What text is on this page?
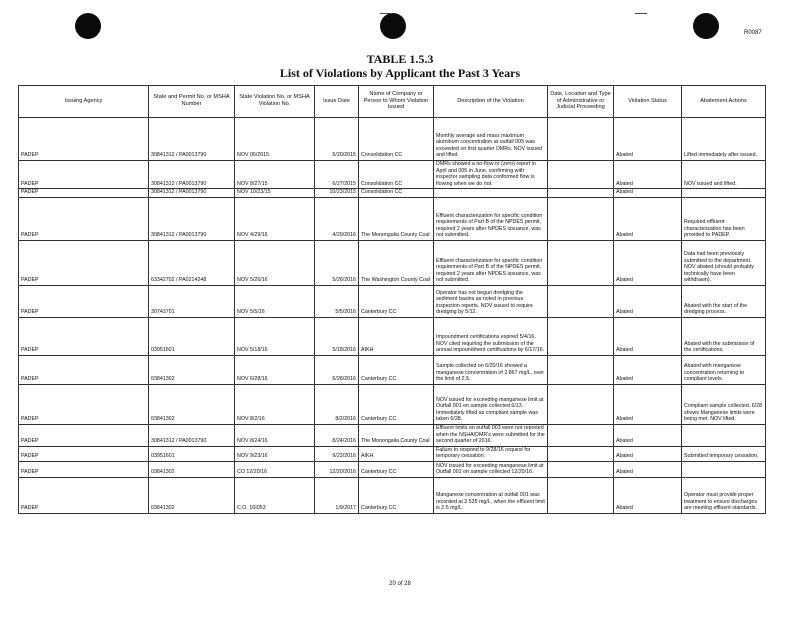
R0087
TABLE 1.5.3
List of Violations by Applicant the Past 3 Years
Issuing Agency	State and Permit No. or MSHA Number	State Violation No. or MSHA Violation No.	Issue Date	Name of Company or Person to Whom Violation Issued	Description of the Violation	Date, Location and Type of Administrative or Judicial Proceeding	Violation Status	Abatement Actions
PADEP	30841312 / PA0013790	NOV 06/2015	5/20/2015	Consolidation CC	Monthly average and mass maximum aluminum concentration at outfall 005 was exceeded on first quarter DMRs. NOV issued and lifted.		Abated	Lifted immediately after issued.
PADEP	30841312 / PA0013790	NOV 8/27/15	6/27/2015	Consolidation CC	DMRs showed a no-flow or (zero) report in April and 005 in June, confirming with inspector sampling data conformed flow is flowing when we do not.		Abated	NOV issued and lifted.
PADEP	30841312 / PA0013790	NOV 10/23/15	10/23/2015	Consolidation CC			Abated	
PADEP	30841312 / PA0013790	NOV 4/29/16	4/29/2016	The Monongalia County Coal	Effluent characterization for specific condition requirements of Part B of the NPDES permit, required 2 years after NPDES issuance, was not submitted.		Abated	Required effluent characterization has been provided to PADEP.
PADEP	63342702 / PA0214248	NOV 5/26/16	5/26/2016	The Washington County Coal	Effluent characterization for specific condition requirements of Part B of the NPDES permit, required 2 years after NPDES issuance, was not submitted.		Abated	Data had been previously submitted to the department. NOV abated (should probably technically have been withdrawn).
PADEP	30743701	NOV 5/5/16	5/5/2016	Canterbury CC	Operator has not begun dredging the sediment basins as noted in previous inspection reports. NOV issued to require dredging by 5/12.		Abated	Abated with the start of the dredging process.
PADEP	03951601	NOV 5/18/16	5/18/2016	AIKH	Impoundment certifications expired 5/4/16. NOV cited requiring the submission of the annual impoundment certifications by 6/17/16.		Abated	Abated with the submission of the certifications.
PADEP	03841302	NOV 6/28/16	6/28/2016	Canterbury CC	Sample collected on 6/20/16 showed a manganese concentration of 2.867 mg/L, over the limit of 2.5.		Abated	Abated with manganese concentration returning to compliant levels.
PADEP	03841302	NOV 8/2/16	8/2/2016	Canterbury CC	NOV issued for exceeding manganese limit at Outfall 001 on sample collected 6/13. Immediately lifted as compliant sample was taken 6/28.		Abated	Compliant sample collected. 6/28 shows Manganese limits were being met. NOV lifted.
PADEP	30841312 / PA0013790	NOV 8/24/16	8/24/2016	The Monongalia County Coal	Effluent limits on outfall 003 were not reported when the NSHA/DMR's were submitted for the second quarter of 2016.		Abated	
PADEP	03951601	NOV 9/23/16	9/23/2016	AIKH	Failure to respond to 9/28/16 request for temporary cessation.		Abated	Submitted temporary cessation.
PADEP	03841302	CO 12/20/16	12/20/2016	Canterbury CC	NOV issued for exceeding manganese limit at Outfall 001 on sample collected 12/20/16.		Abated	
PADEP	03841302	C.O. 16I053	1/9/2017	Canterbury CC	Manganese concentration at outfall 001 was recorded at 2.535 mg/L, when the effluent limit is 2.5 mg/L.		Abated	Operator must provide proper treatment to ensure discharges are meeting effluent standards.
20 of 28
